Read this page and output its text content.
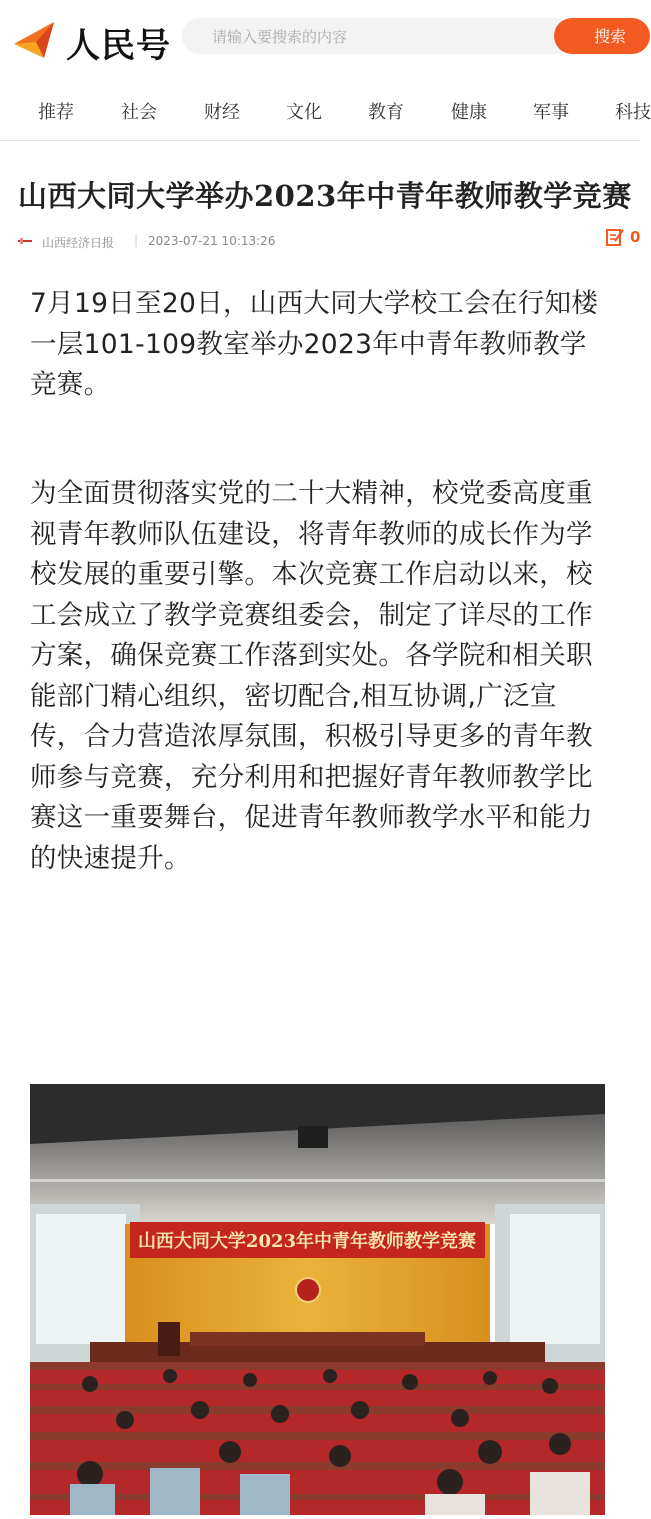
人民号
请输入要搜索的内容	搜索
推荐	社会	财经	文化	教育	健康	军事	科技
山西大同大学举办2023年中青年教师教学竞赛
山西经济日报 | 2023-07-21 10:13:26	0

7月19日至20日，山西大同大学校工会在行知楼一层101-109教室举办2023年中青年教师教学竞赛。

为全面贯彻落实党的二十大精神，校党委高度重视青年教师队伍建设，将青年教师的成长作为学校发展的重要引擎。本次竞赛工作启动以来，校工会成立了教学竞赛组委会，制定了详尽的工作方案，确保竞赛工作落到实处。各学院和相关职能部门精心组织，密切配合,相互协调,广泛宣传，合力营造浓厚氛围，积极引导更多的青年教师参与竞赛，充分利用和把握好青年教师教学比赛这一重要舞台，促进青年教师教学水平和能力的快速提升。

山西大同大学2023年中青年教师教学竞赛
